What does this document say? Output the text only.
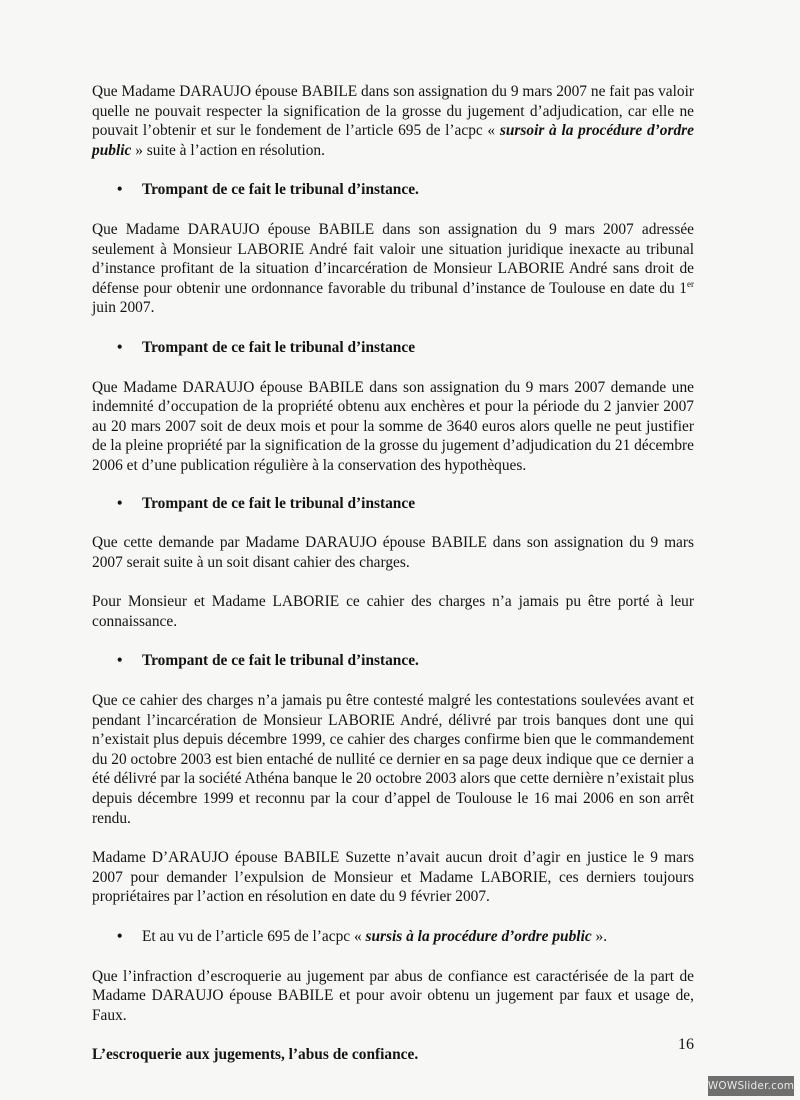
Que Madame DARAUJO épouse BABILE dans son assignation du 9 mars 2007 ne fait pas valoir quelle ne pouvait respecter la signification de la grosse du jugement d’adjudication, car elle ne pouvait l’obtenir et sur le fondement de l’article 695 de l’acpc « sursoir à la procédure d’ordre public » suite à l’action en résolution.

• Trompant de ce fait le tribunal d’instance.

Que Madame DARAUJO épouse BABILE dans son assignation du 9 mars 2007 adressée seulement à Monsieur LABORIE André fait valoir une situation juridique inexacte au tribunal d’instance profitant de la situation d’incarcération de Monsieur LABORIE André sans droit de défense pour obtenir une ordonnance favorable du tribunal d’instance de Toulouse en date du 1er juin 2007.

• Trompant de ce fait le tribunal d’instance

Que Madame DARAUJO épouse BABILE dans son assignation du 9 mars 2007 demande une indemnité d’occupation de la propriété obtenu aux enchères et pour la période du 2 janvier 2007 au 20 mars 2007 soit de deux mois et pour la somme de 3640 euros alors quelle ne peut justifier de la pleine propriété par la signification de la grosse du jugement d’adjudication du 21 décembre 2006 et d’une publication régulière à la conservation des hypothèques.

• Trompant de ce fait le tribunal d’instance

Que cette demande par Madame DARAUJO épouse BABILE dans son assignation du 9 mars 2007 serait suite à un soit disant cahier des charges.

Pour Monsieur et Madame LABORIE ce cahier des charges n’a jamais pu être porté à leur connaissance.

• Trompant de ce fait le tribunal d’instance.

Que ce cahier des charges n’a jamais pu être contesté malgré les contestations soulevées avant et pendant l’incarcération de Monsieur LABORIE André, délivré par trois banques dont une qui n’existait plus depuis décembre 1999, ce cahier des charges confirme bien que le commandement du 20 octobre 2003 est bien entaché de nullité ce dernier en sa page deux indique que ce dernier a été délivré par la société Athéna banque le 20 octobre 2003 alors que cette dernière n’existait plus depuis décembre 1999 et reconnu par la cour d’appel de Toulouse le 16 mai 2006 en son arrêt rendu.

Madame D’ARAUJO épouse BABILE Suzette n’avait aucun droit d’agir en justice le 9 mars 2007 pour demander l’expulsion de Monsieur et Madame LABORIE, ces derniers toujours propriétaires par l’action en résolution en date du 9 février 2007.

• Et au vu de l’article 695 de l’acpc « sursis à la procédure d’ordre public ».

Que l’infraction d’escroquerie au jugement par abus de confiance est caractérisée de la part de Madame DARAUJO épouse BABILE et pour avoir obtenu un jugement par faux et usage de, Faux.

L’escroquerie aux jugements, l’abus de confiance.

16
WOWSlider.com
